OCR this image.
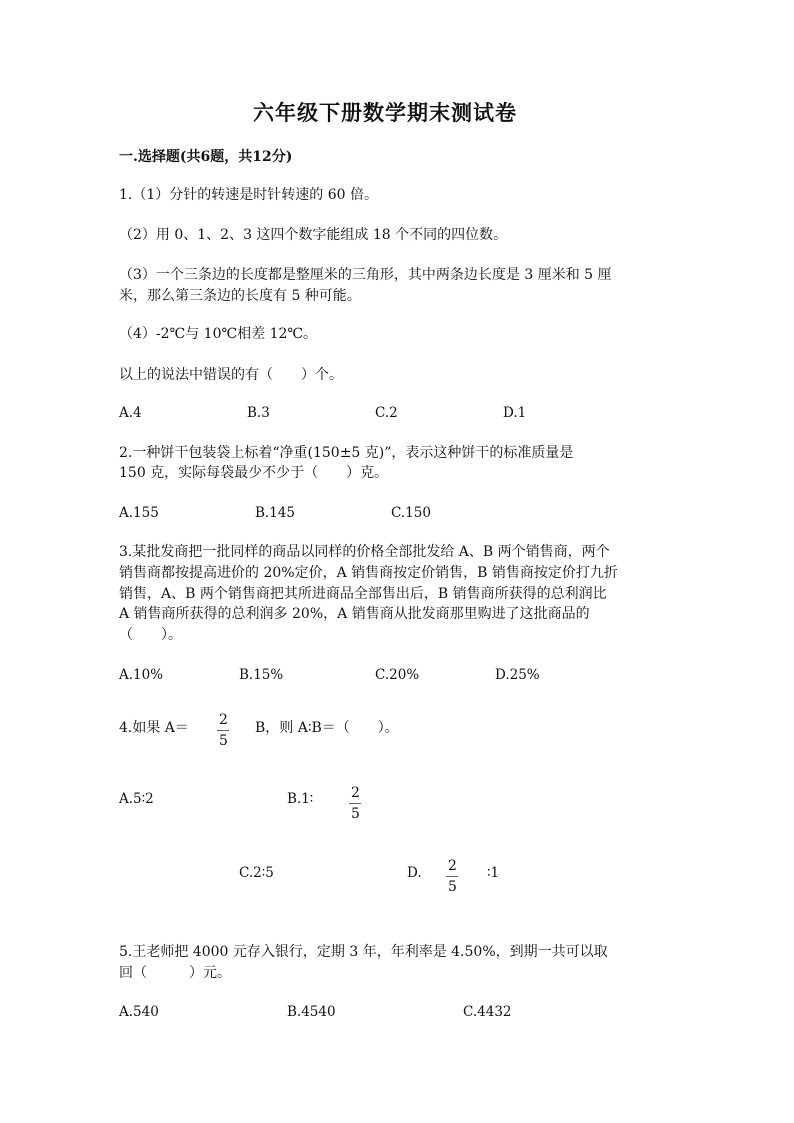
六年级下册数学期末测试卷
一.选择题(共6题，共12分)
1.（1）分针的转速是时针转速的 60 倍。
（2）用 0、1、2、3 这四个数字能组成 18 个不同的四位数。
（3）一个三条边的长度都是整厘米的三角形，其中两条边长度是 3 厘米和 5 厘
米，那么第三条边的长度有 5 种可能。
（4）-2℃与 10℃相差 12℃。
以上的说法中错误的有（　　）个。
A.4	B.3	C.2	D.1
2.一种饼干包装袋上标着“净重(150±5 克)”，表示这种饼干的标准质量是
150 克，实际每袋最少不少于（　　）克。
A.155	B.145	C.150
3.某批发商把一批同样的商品以同样的价格全部批发给 A、B 两个销售商，两个
销售商都按提高进价的 20%定价，A 销售商按定价销售，B 销售商按定价打九折
销售，A、B 两个销售商把其所进商品全部售出后，B 销售商所获得的总利润比
A 销售商所获得的总利润多 20%，A 销售商从批发商那里购进了这批商品的
（　　）。
A.10%	B.15%	C.20%	D.25%
4.如果 A＝ 2
5
B，则 A∶B＝（　　）。
A.5∶2	B.1∶	2
5
C.2∶5	D. 2
5
∶1
5.王老师把 4000 元存入银行，定期 3 年，年利率是 4.50%，到期一共可以取
回（　　　）元。
A.540	B.4540	C.4432
